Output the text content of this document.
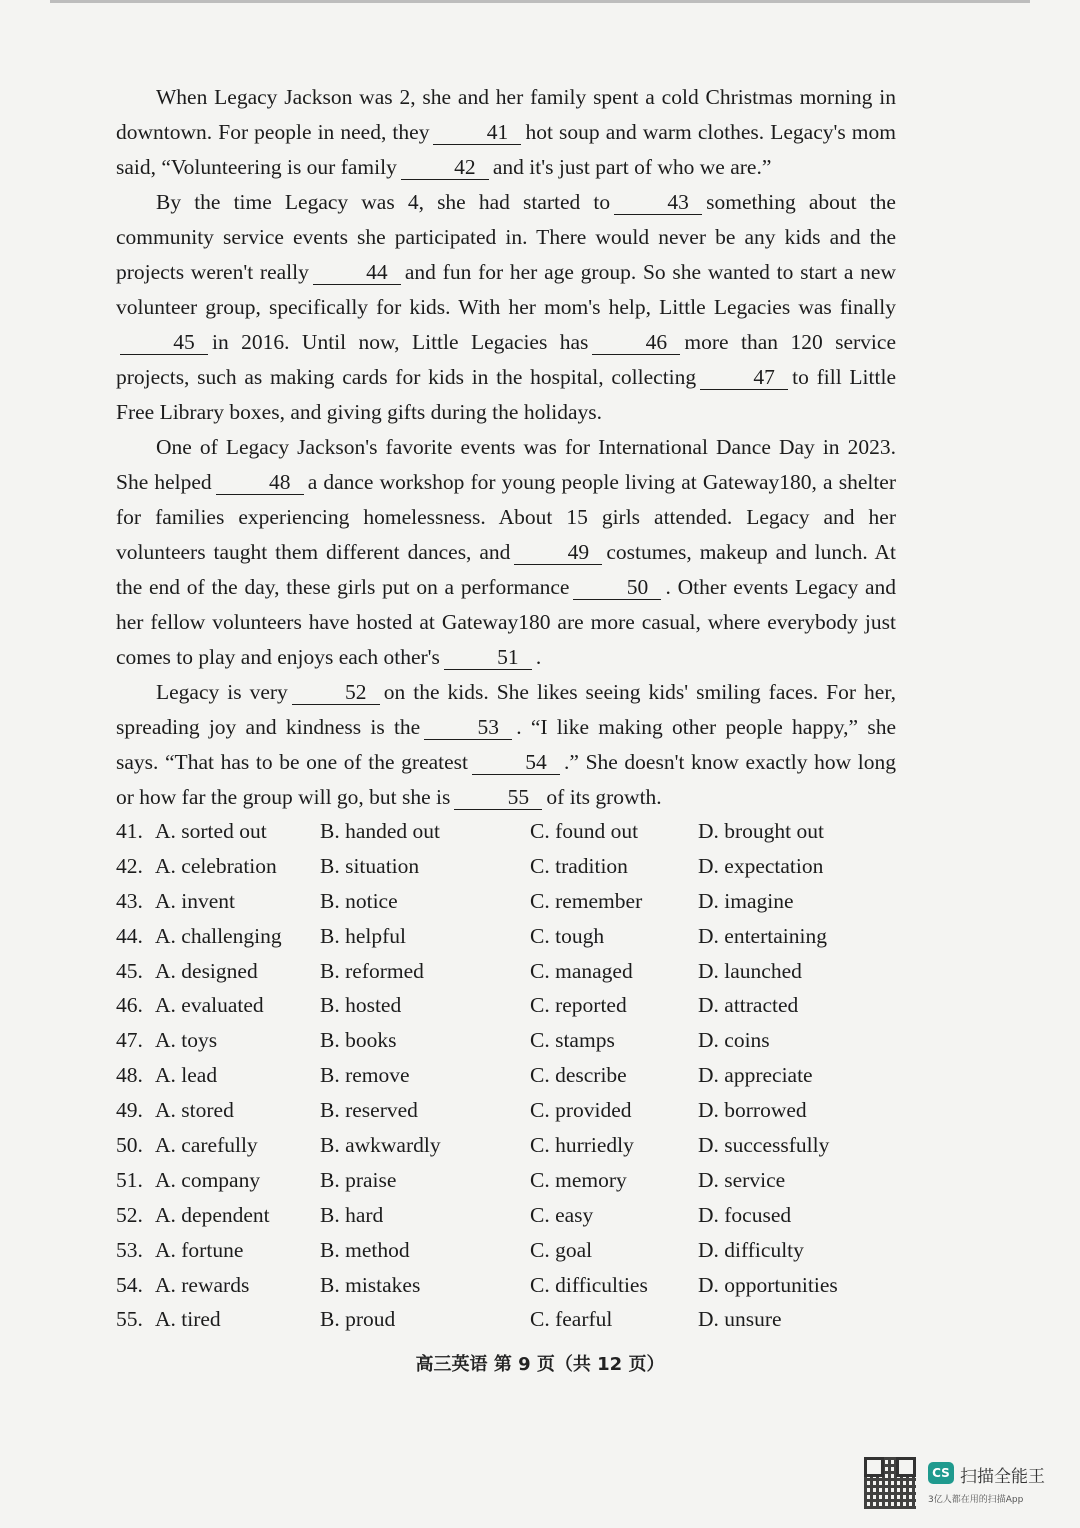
When Legacy Jackson was 2, she and her family spent a cold Christmas morning in downtown. For people in need, they	41 hot soup and warm clothes. Legacy's mom said, “Volunteering is our family	42 and it's just part of who we are.”

By the time Legacy was 4, she had started to	43 something about the community service events she participated in. There would never be any kids and the projects weren't really	44 and fun for her age group. So she wanted to start a new volunteer group, specifically for kids. With her mom's help, Little Legacies was finally45 in 2016. Until now, Little Legacies has	46 more than 120 service projects, such as making cards for kids in the hospital, collecting	47 to fill Little Free Library boxes, and giving gifts during the holidays.

One of Legacy Jackson's favorite events was for International Dance Day in 2023. She helped	48 a dance workshop for young people living at Gateway180, a shelter for families experiencing homelessness. About 15 girls attended. Legacy and her volunteers taught them different dances, and	49 costumes, makeup and lunch. At the end of the day, these girls put on a performance	50 . Other events Legacy and her fellow volunteers have hosted at Gateway180 are more casual, where everybody just comes to play and enjoys each other's	51 .

Legacy is very	52 on the kids. She likes seeing kids' smiling faces. For her, spreading joy and kindness is the	53 . “I like making other people happy,” she says. “That has to be one of the greatest	54 .” She doesn't know exactly how long or how far the group will go, but she is	55 of its growth.

41. A. sorted out B. handed out	C. found out	D. brought out
42. A. celebration B. situation	C. tradition	D. expectation
43. A. invent	B. notice	C. remember	D. imagine
44. A. challenging B. helpful	C. tough	D. entertaining
45. A. designed	B. reformed	C. managed	D. launched
46. A. evaluated	B. hosted	C. reported	D. attracted
47. A. toys	B. books	C. stamps	D. coins
48. A. lead	B. remove	C. describe	D. appreciate
49. A. stored	B. reserved	C. provided	D. borrowed
50. A. carefully	B. awkwardly	C. hurriedly	D. successfully
51. A. company	B. praise	C. memory	D. service
52. A. dependent B. hard	C. easy	D. focused
53. A. fortune	B. method	C. goal	D. difficulty
54. A. rewards	B. mistakes	C. difficulties D. opportunities
55. A. tired	B. proud	C. fearful	D. unsure
高三英语 第 9 页（共 12 页）
CS 扫描全能王
3亿人都在用的扫描App
